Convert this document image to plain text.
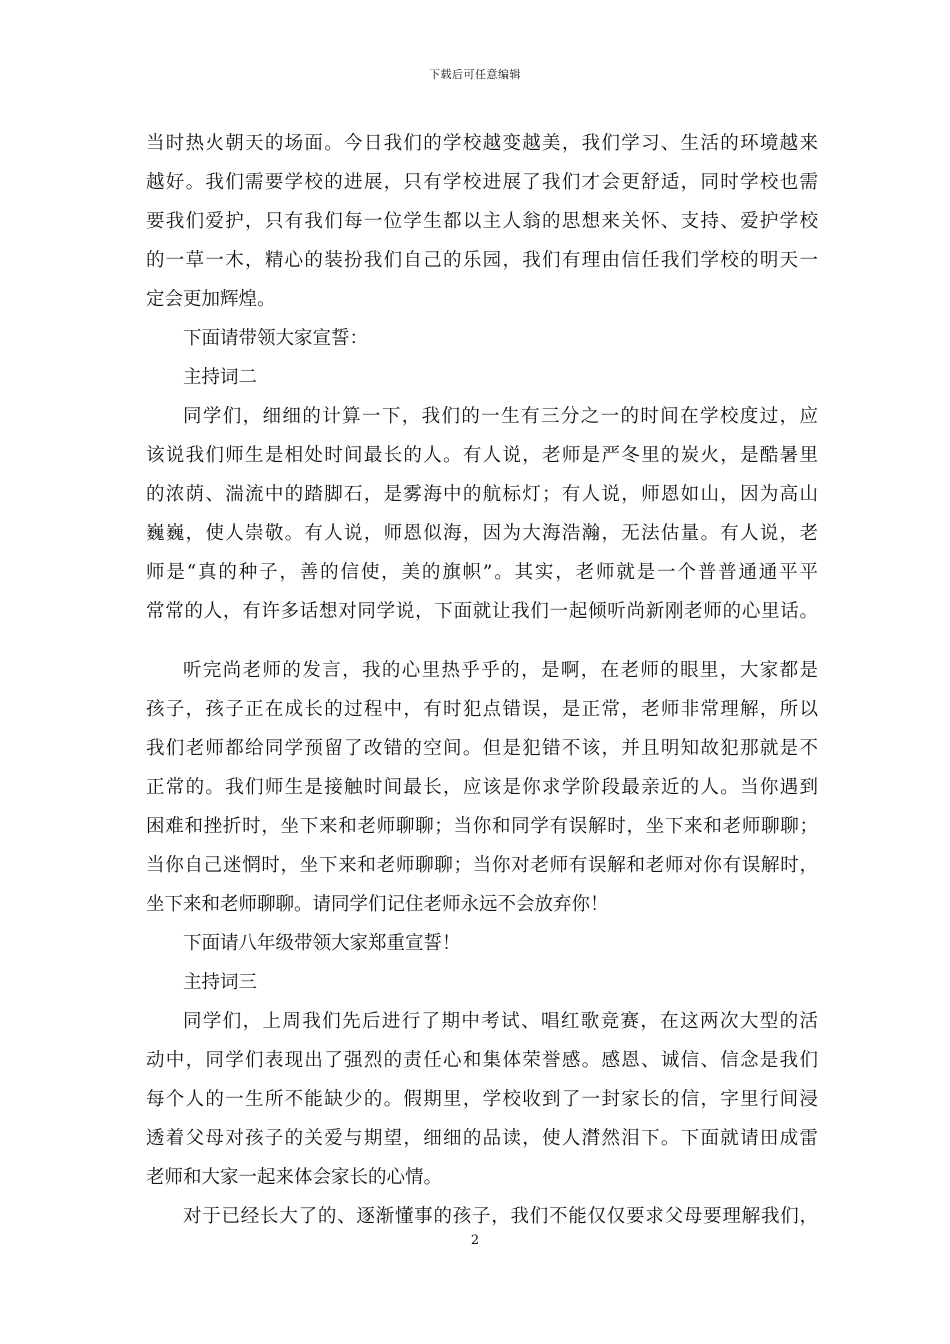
下载后可任意编辑
当时热火朝天的场面。今日我们的学校越变越美，我们学习、生活的环境越来
越好。我们需要学校的进展，只有学校进展了我们才会更舒适，同时学校也需
要我们爱护，只有我们每一位学生都以主人翁的思想来关怀、支持、爱护学校
的一草一木，精心的装扮我们自己的乐园，我们有理由信任我们学校的明天一
定会更加辉煌。
下面请带领大家宣誓：
主持词二
同学们，细细的计算一下，我们的一生有三分之一的时间在学校度过，应
该说我们师生是相处时间最长的人。有人说，老师是严冬里的炭火，是酷暑里
的浓荫、湍流中的踏脚石，是雾海中的航标灯；有人说，师恩如山，因为高山
巍巍，使人崇敬。有人说，师恩似海，因为大海浩瀚，无法估量。有人说，老
师是“真的种子，善的信使，美的旗帜”。其实，老师就是一个普普通通平平
常常的人，有许多话想对同学说，下面就让我们一起倾听尚新刚老师的心里话。
听完尚老师的发言，我的心里热乎乎的，是啊，在老师的眼里，大家都是
孩子，孩子正在成长的过程中，有时犯点错误，是正常，老师非常理解，所以
我们老师都给同学预留了改错的空间。但是犯错不该，并且明知故犯那就是不
正常的。我们师生是接触时间最长，应该是你求学阶段最亲近的人。当你遇到
困难和挫折时，坐下来和老师聊聊；当你和同学有误解时，坐下来和老师聊聊；
当你自己迷惘时，坐下来和老师聊聊；当你对老师有误解和老师对你有误解时，
坐下来和老师聊聊。请同学们记住老师永远不会放弃你！
下面请八年级带领大家郑重宣誓！
主持词三
同学们，上周我们先后进行了期中考试、唱红歌竞赛，在这两次大型的活
动中，同学们表现出了强烈的责任心和集体荣誉感。感恩、诚信、信念是我们
每个人的一生所不能缺少的。假期里，学校收到了一封家长的信，字里行间浸
透着父母对孩子的关爱与期望，细细的品读，使人潸然泪下。下面就请田成雷
老师和大家一起来体会家长的心情。
对于已经长大了的、逐渐懂事的孩子，我们不能仅仅要求父母要理解我们，
2
